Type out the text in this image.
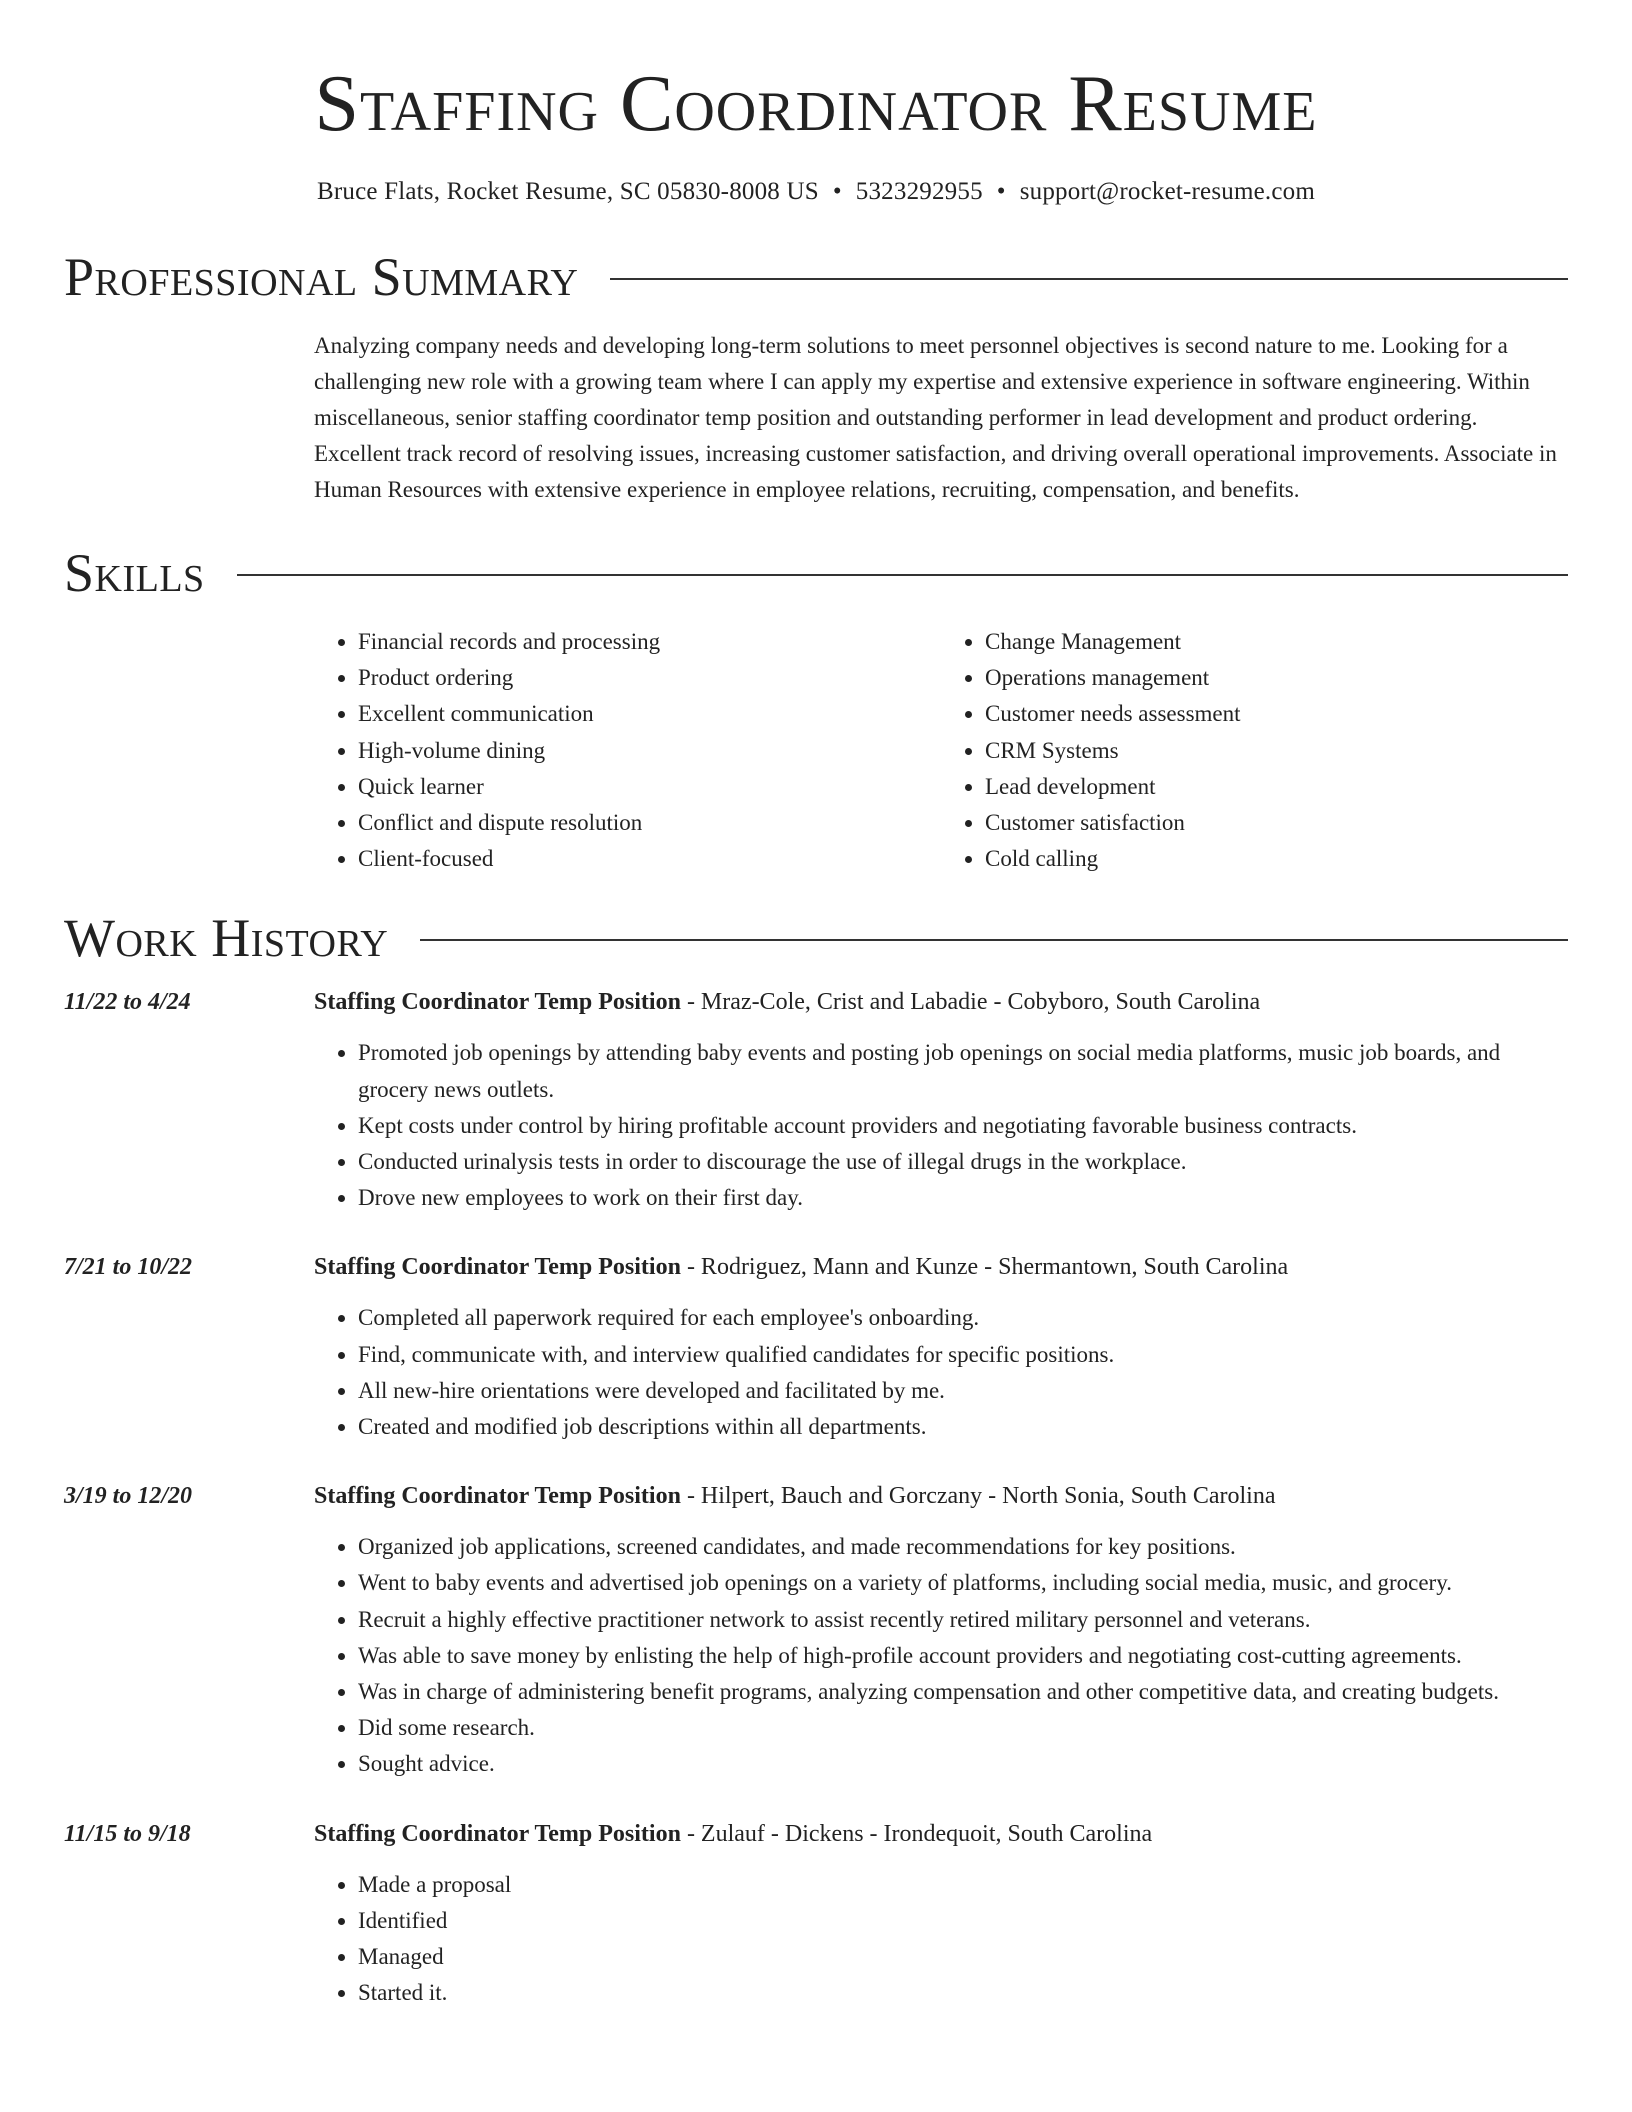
Staffing Coordinator Resume
Bruce Flats, Rocket Resume, SC 05830-8008 US • 5323292955 • support@rocket-resume.com
Professional Summary

Analyzing company needs and developing long-term solutions to meet personnel objectives is second nature to me. Looking for a challenging new role with a growing team where I can apply my expertise and extensive experience in software engineering. Within miscellaneous, senior staffing coordinator temp position and outstanding performer in lead development and product ordering. Excellent track record of resolving issues, increasing customer satisfaction, and driving overall operational improvements. Associate in Human Resources with extensive experience in employee relations, recruiting, compensation, and benefits.

Skills
• Financial records and processing
• Product ordering
• Excellent communication
• High-volume dining
• Quick learner
• Conflict and dispute resolution
• Client-focused
• Change Management
• Operations management
• Customer needs assessment
• CRM Systems
• Lead development
• Customer satisfaction
• Cold calling
Work History
11/22 to 4/24	Staffing Coordinator Temp Position - Mraz-Cole, Crist and Labadie - Cobyboro, South Carolina
• Promoted job openings by attending baby events and posting job openings on social media platforms, music job boards, and grocery news outlets.
• Kept costs under control by hiring profitable account providers and negotiating favorable business contracts.
• Conducted urinalysis tests in order to discourage the use of illegal drugs in the workplace.
• Drove new employees to work on their first day.
7/21 to 10/22	Staffing Coordinator Temp Position - Rodriguez, Mann and Kunze - Shermantown, South Carolina
• Completed all paperwork required for each employee's onboarding.
• Find, communicate with, and interview qualified candidates for specific positions.
• All new-hire orientations were developed and facilitated by me.
• Created and modified job descriptions within all departments.
3/19 to 12/20	Staffing Coordinator Temp Position - Hilpert, Bauch and Gorczany - North Sonia, South Carolina
• Organized job applications, screened candidates, and made recommendations for key positions.
• Went to baby events and advertised job openings on a variety of platforms, including social media, music, and grocery.
• Recruit a highly effective practitioner network to assist recently retired military personnel and veterans.
• Was able to save money by enlisting the help of high-profile account providers and negotiating cost-cutting agreements.
• Was in charge of administering benefit programs, analyzing compensation and other competitive data, and creating budgets.
• Did some research.
• Sought advice.
11/15 to 9/18	Staffing Coordinator Temp Position - Zulauf - Dickens - Irondequoit, South Carolina
• Made a proposal
• Identified
• Managed
• Started it.
